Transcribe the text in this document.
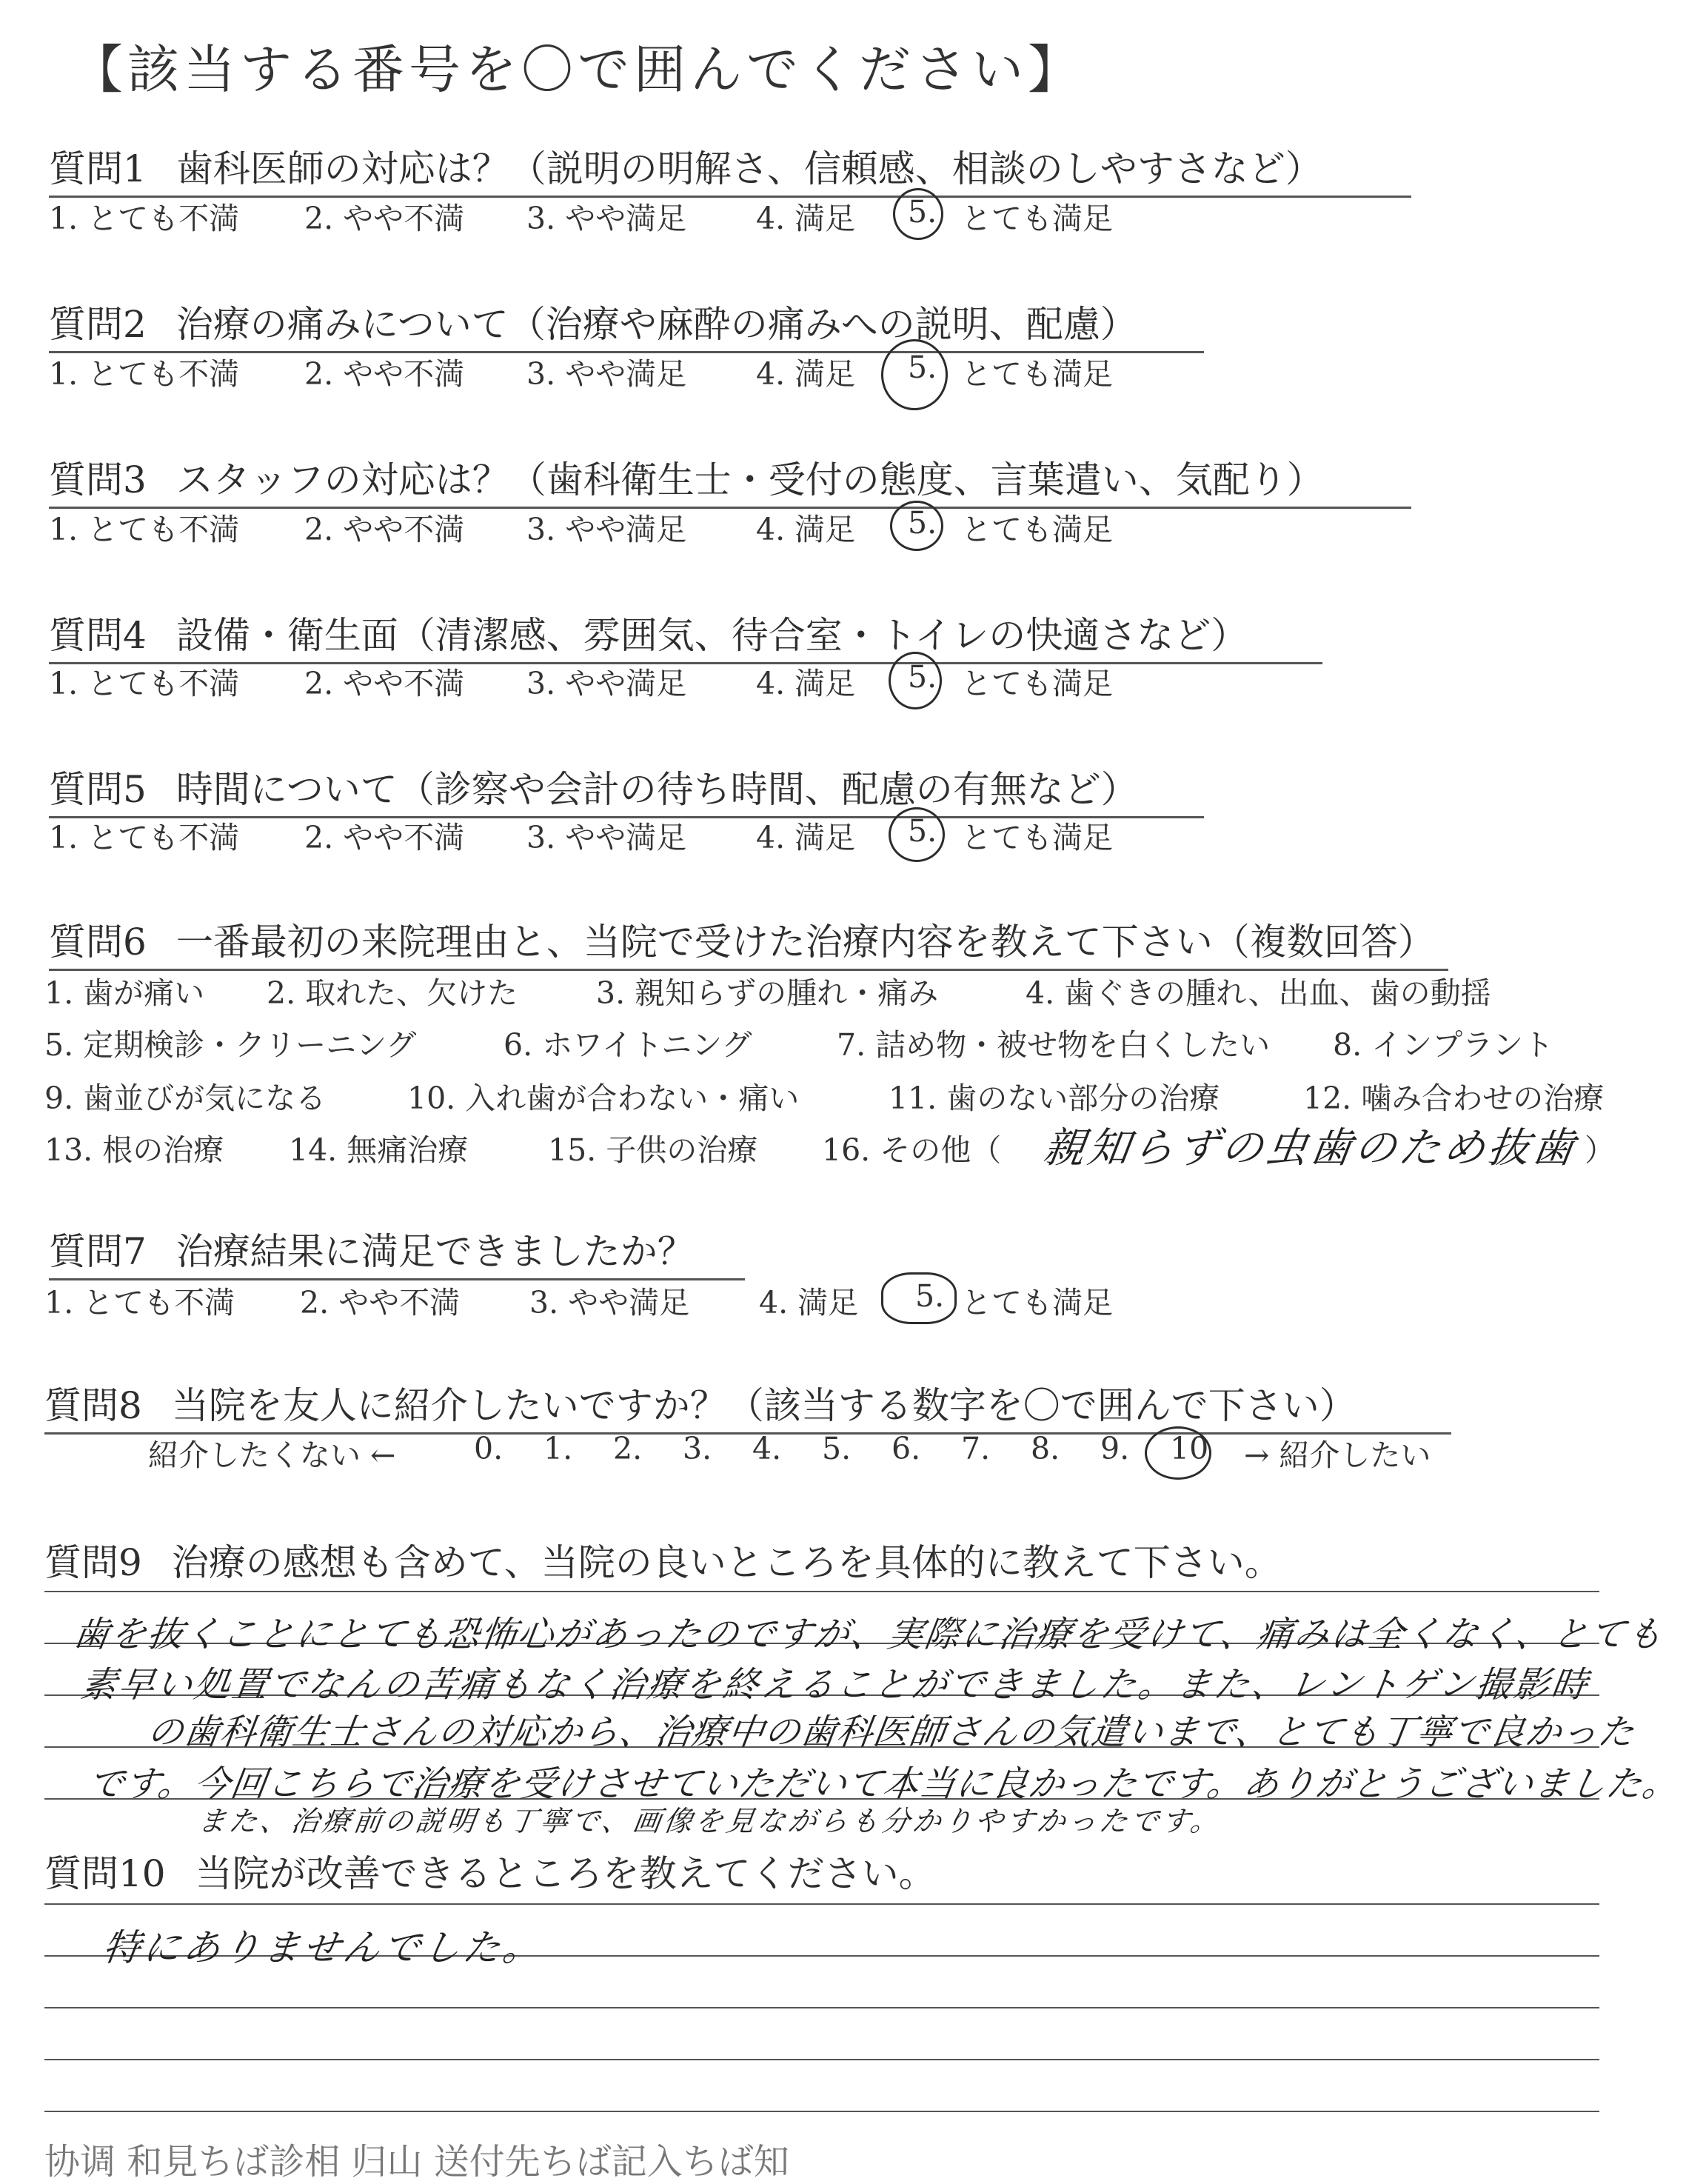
【該当する番号を〇で囲んでください】
質問1 歯科医師の対応は？（説明の明解さ、信頼感、相談のしやすさなど）
1. とても不満 2. やや不満 3. やや満足 4. 満足 5. とても満足
質問2 治療の痛みについて（治療や麻酔の痛みへの説明、配慮）
1. とても不満 2. やや不満 3. やや満足 4. 満足 5. とても満足
質問3 スタッフの対応は？（歯科衛生士・受付の態度、言葉遣い、気配り）
1. とても不満 2. やや不満 3. やや満足 4. 満足 5. とても満足
質問4 設備・衛生面（清潔感、雰囲気、待合室・トイレの快適さなど）
1. とても不満 2. やや不満 3. やや満足 4. 満足 5. とても満足
質問5 時間について（診察や会計の待ち時間、配慮の有無など）
1. とても不満 2. やや不満 3. やや満足 4. 満足 5. とても満足
質問6 一番最初の来院理由と、当院で受けた治療内容を教えて下さい（複数回答）
1. 歯が痛い 2. 取れた、欠けた	3. 親知らずの腫れ・痛み	4. 歯ぐきの腫れ、出血、歯の動揺
5. 定期検診・クリーニング	6. ホワイトニング	7. 詰め物・被せ物を白くしたい 8. インプラント
9. 歯並びが気になる	10. 入れ歯が合わない・痛い	11. 歯のない部分の治療	12. 噛み合わせの治療
13. 根の治療 14. 無痛治療	15. 子供の治療 16. その他（	）
親知らずの虫歯のため抜歯
質問7 治療結果に満足できましたか？
1. とても不満 2. やや不満 3. やや満足 4. 満足 5. とても満足
質問8 当院を友人に紹介したいですか？（該当する数字を〇で囲んで下さい）
紹介したくない ←	0. 1. 2. 3. 4. 5. 6. 7. 8. 9. 10 → 紹介したい
質問9 治療の感想も含めて、当院の良いところを具体的に教えて下さい。
歯を抜くことにとても恐怖心があったのですが、実際に治療を受けて、痛みは全くなく、とても
素早い処置でなんの苦痛もなく治療を終えることができました。また、レントゲン撮影時
の歯科衛生士さんの対応から、治療中の歯科医師さんの気遣いまで、とても丁寧で良かった
です。今回こちらで治療を受けさせていただいて本当に良かったです。ありがとうございました。
また、治療前の説明も丁寧で、画像を見ながらも分かりやすかったです。
質問10 当院が改善できるところを教えてください。
特にありませんでした。
协调 和見ちば診相 归山 送付先ちば記入ちば知
